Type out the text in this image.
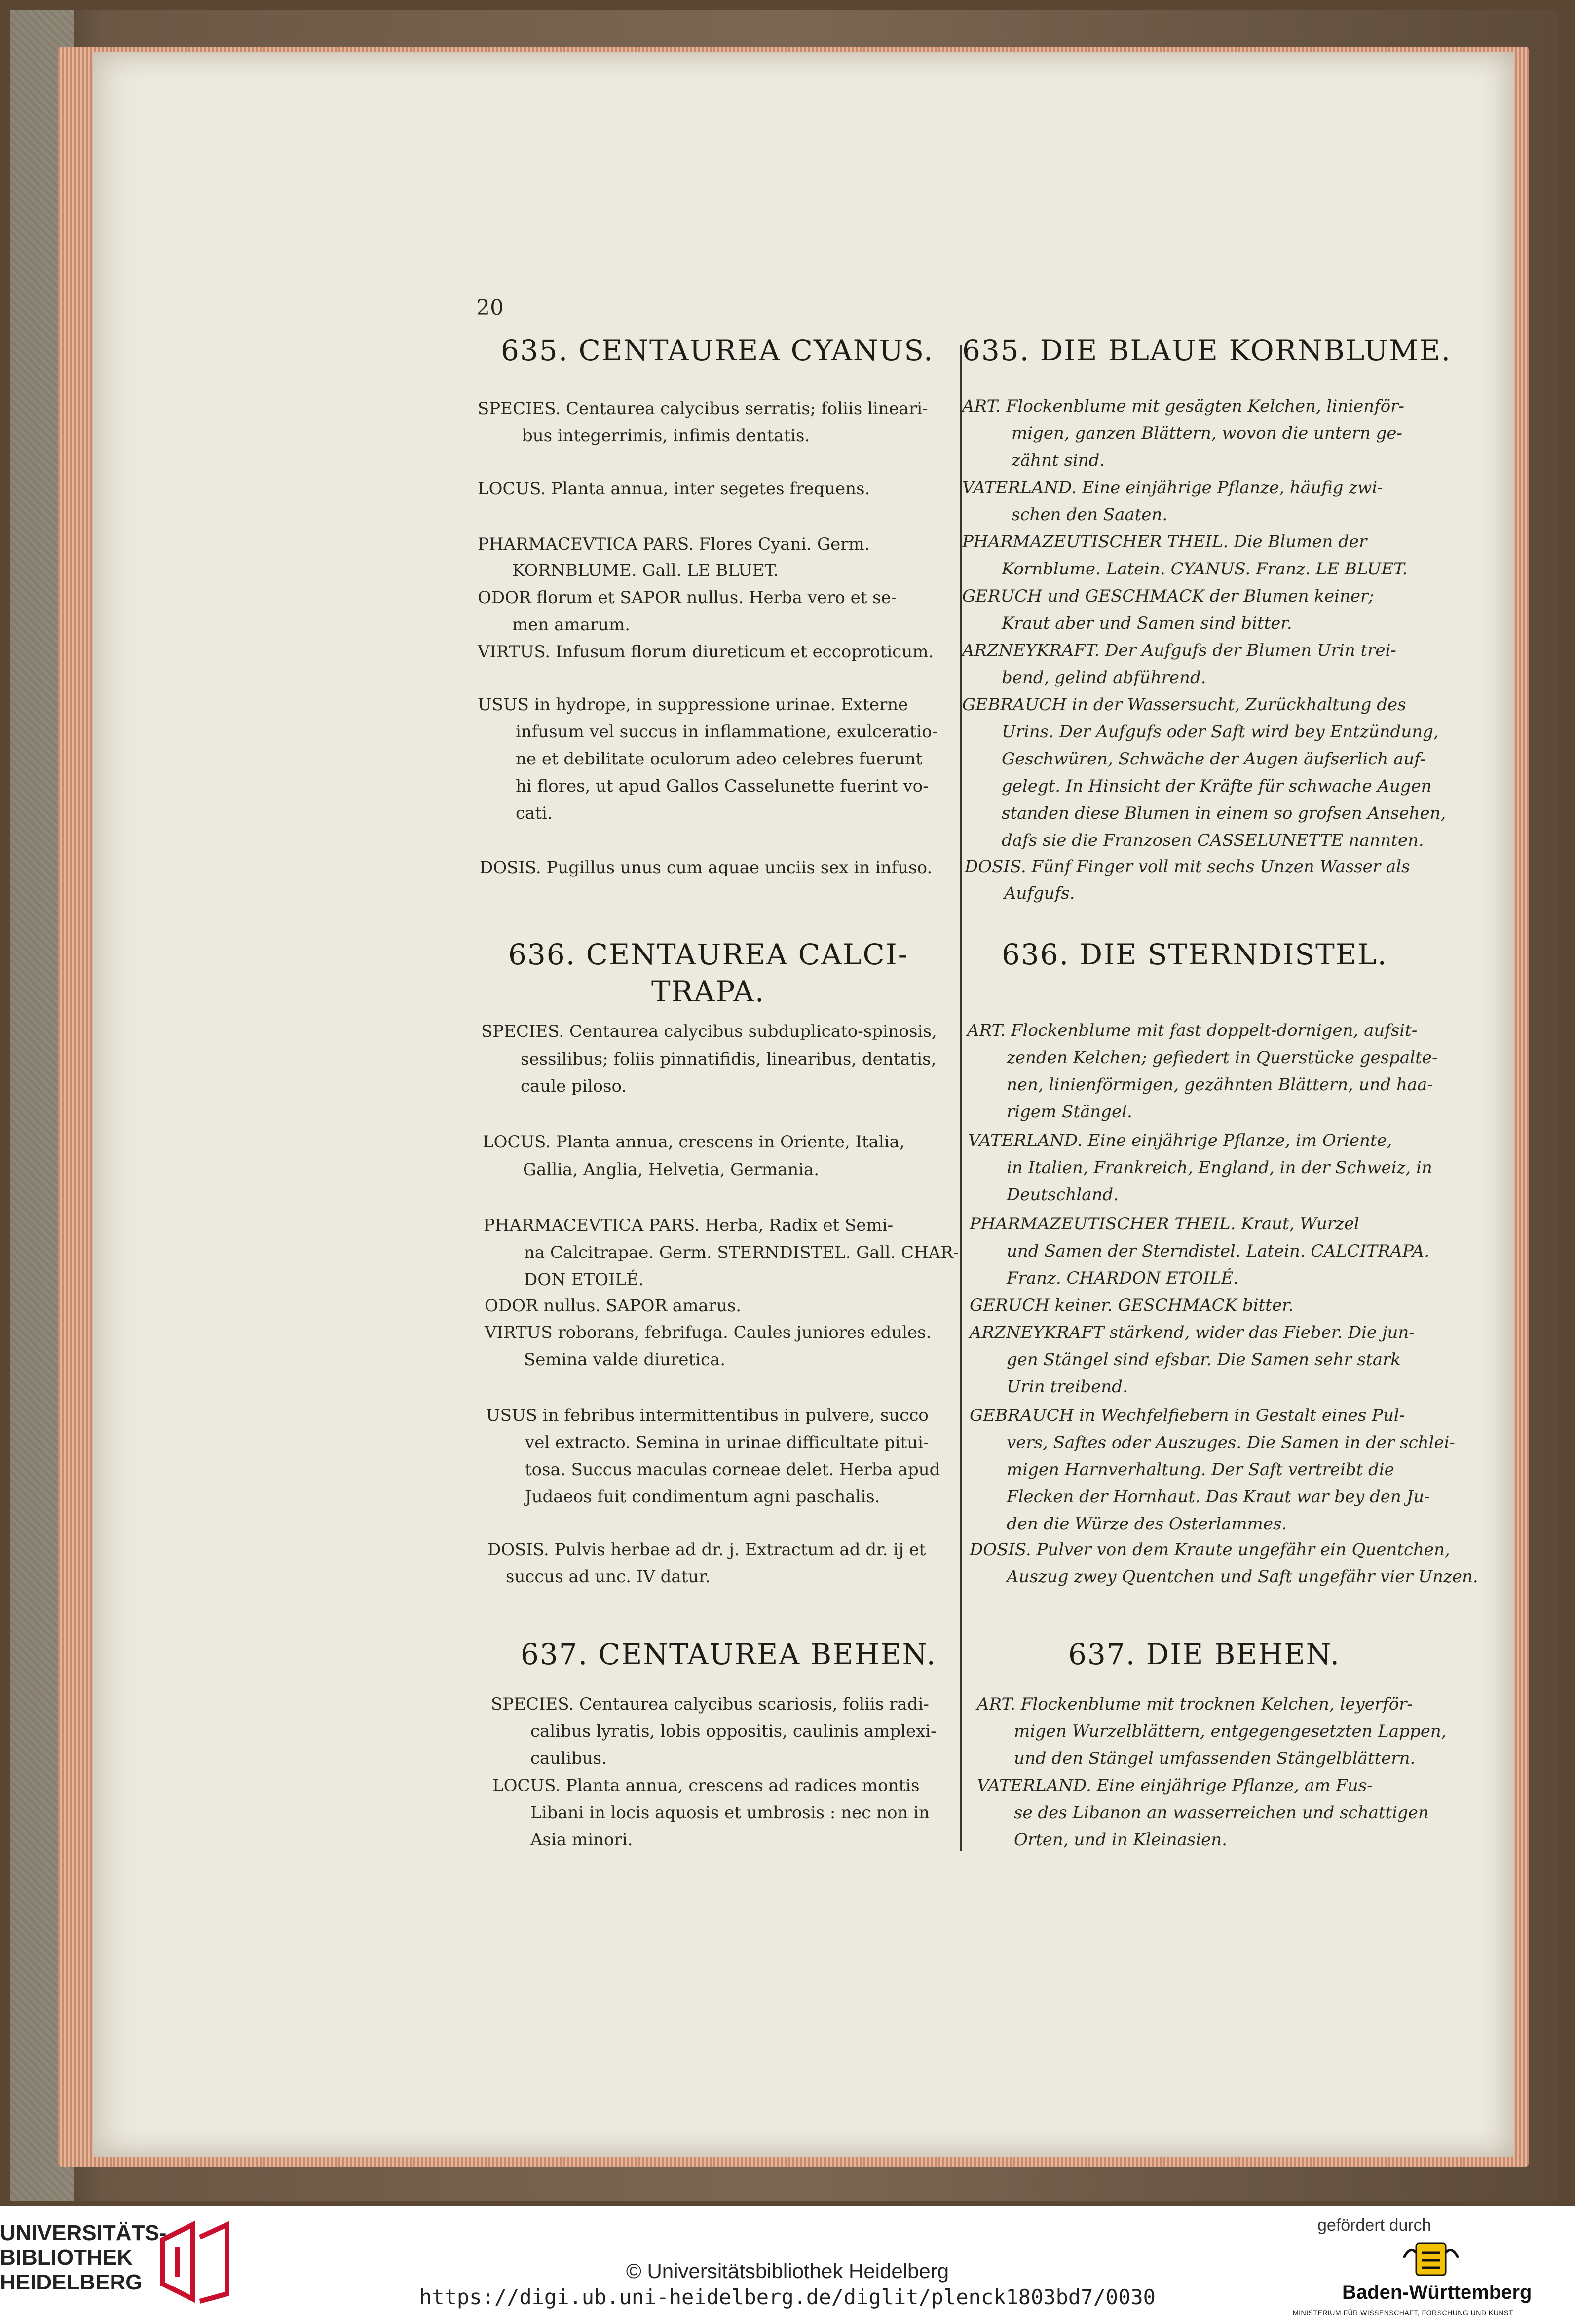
20
635. CENTAUREA CYANUS.
SPECIES. Centaurea calycibus serratis; foliis lineari-
bus integerrimis, infimis dentatis.
LOCUS. Planta annua, inter segetes frequens.
PHARMACEVTICA PARS. Flores Cyani. Germ.
KORNBLUME. Gall. LE BLUET.
ODOR florum et SAPOR nullus. Herba vero et se-
men amarum.
VIRTUS. Infusum florum diureticum et eccoproticum.
USUS in hydrope, in suppressione urinae. Externe
infusum vel succus in inflammatione, exulceratio-
ne et debilitate oculorum adeo celebres fuerunt
hi flores, ut apud Gallos Casselunette fuerint vo-
cati.
DOSIS. Pugillus unus cum aquae unciis sex in infuso.
636. CENTAUREA CALCI-
TRAPA.
SPECIES. Centaurea calycibus subduplicato-spinosis,
sessilibus; foliis pinnatifidis, linearibus, dentatis,
caule piloso.
LOCUS. Planta annua, crescens in Oriente, Italia,
Gallia, Anglia, Helvetia, Germania.
PHARMACEVTICA PARS. Herba, Radix et Semi-
na Calcitrapae. Germ. STERNDISTEL. Gall. CHAR-
DON ETOILÉ.
ODOR nullus. SAPOR amarus.
VIRTUS roborans, febrifuga. Caules juniores edules.
Semina valde diuretica.
USUS in febribus intermittentibus in pulvere, succo
vel extracto. Semina in urinae difficultate pitui-
tosa. Succus maculas corneae delet. Herba apud
Judaeos fuit condimentum agni paschalis.
DOSIS. Pulvis herbae ad dr. j. Extractum ad dr. ij et
succus ad unc. IV datur.
637. CENTAUREA BEHEN.
SPECIES. Centaurea calycibus scariosis, foliis radi-
calibus lyratis, lobis oppositis, caulinis amplexi-
caulibus.
LOCUS. Planta annua, crescens ad radices montis
Libani in locis aquosis et umbrosis : nec non in
Asia minori.
635. DIE BLAUE KORNBLUME.
ART. Flockenblume mit gesägten Kelchen, linienför-
migen, ganzen Blättern, wovon die untern ge-
zähnt sind.
VATERLAND. Eine einjährige Pflanze, häufig zwi-
schen den Saaten.
PHARMAZEUTISCHER THEIL. Die Blumen der
Kornblume. Latein. CYANUS. Franz. LE BLUET.
GERUCH und GESCHMACK der Blumen keiner;
Kraut aber und Samen sind bitter.
ARZNEYKRAFT. Der Aufgufs der Blumen Urin trei-
bend, gelind abführend.
GEBRAUCH in der Wassersucht, Zurückhaltung des
Urins. Der Aufgufs oder Saft wird bey Entzündung,
Geschwüren, Schwäche der Augen äufserlich auf-
gelegt. In Hinsicht der Kräfte für schwache Augen
standen diese Blumen in einem so grofsen Ansehen,
dafs sie die Franzosen CASSELUNETTE nannten.
DOSIS. Fünf Finger voll mit sechs Unzen Wasser als
Aufgufs.
636. DIE STERNDISTEL.
ART. Flockenblume mit fast doppelt-dornigen, aufsit-
zenden Kelchen; gefiedert in Querstücke gespalte-
nen, linienförmigen, gezähnten Blättern, und haa-
rigem Stängel.
VATERLAND. Eine einjährige Pflanze, im Oriente,
in Italien, Frankreich, England, in der Schweiz, in
Deutschland.
PHARMAZEUTISCHER THEIL. Kraut, Wurzel
und Samen der Sterndistel. Latein. CALCITRAPA.
Franz. CHARDON ETOILÉ.
GERUCH keiner. GESCHMACK bitter.
ARZNEYKRAFT stärkend, wider das Fieber. Die jun-
gen Stängel sind efsbar. Die Samen sehr stark
Urin treibend.
GEBRAUCH in Wechfelfiebern in Gestalt eines Pul-
vers, Saftes oder Auszuges. Die Samen in der schlei-
migen Harnverhaltung. Der Saft vertreibt die
Flecken der Hornhaut. Das Kraut war bey den Ju-
den die Würze des Osterlammes.
DOSIS. Pulver von dem Kraute ungefähr ein Quentchen,
Auszug zwey Quentchen und Saft ungefähr vier Unzen.
637. DIE BEHEN.
ART. Flockenblume mit trocknen Kelchen, leyerför-
migen Wurzelblättern, entgegengesetzten Lappen,
und den Stängel umfassenden Stängelblättern.
VATERLAND. Eine einjährige Pflanze, am Fus-
se des Libanon an wasserreichen und schattigen
Orten, und in Kleinasien.
UNIVERSITÄTS-
BIBLIOTHEK
HEIDELBERG	© Universitätsbibliothek Heidelberg
https://digi.ub.uni-heidelberg.de/diglit/plenck1803bd7/0030
gefördert durch
Baden-Württemberg
MINISTERIUM FÜR WISSENSCHAFT, FORSCHUNG UND KUNST
